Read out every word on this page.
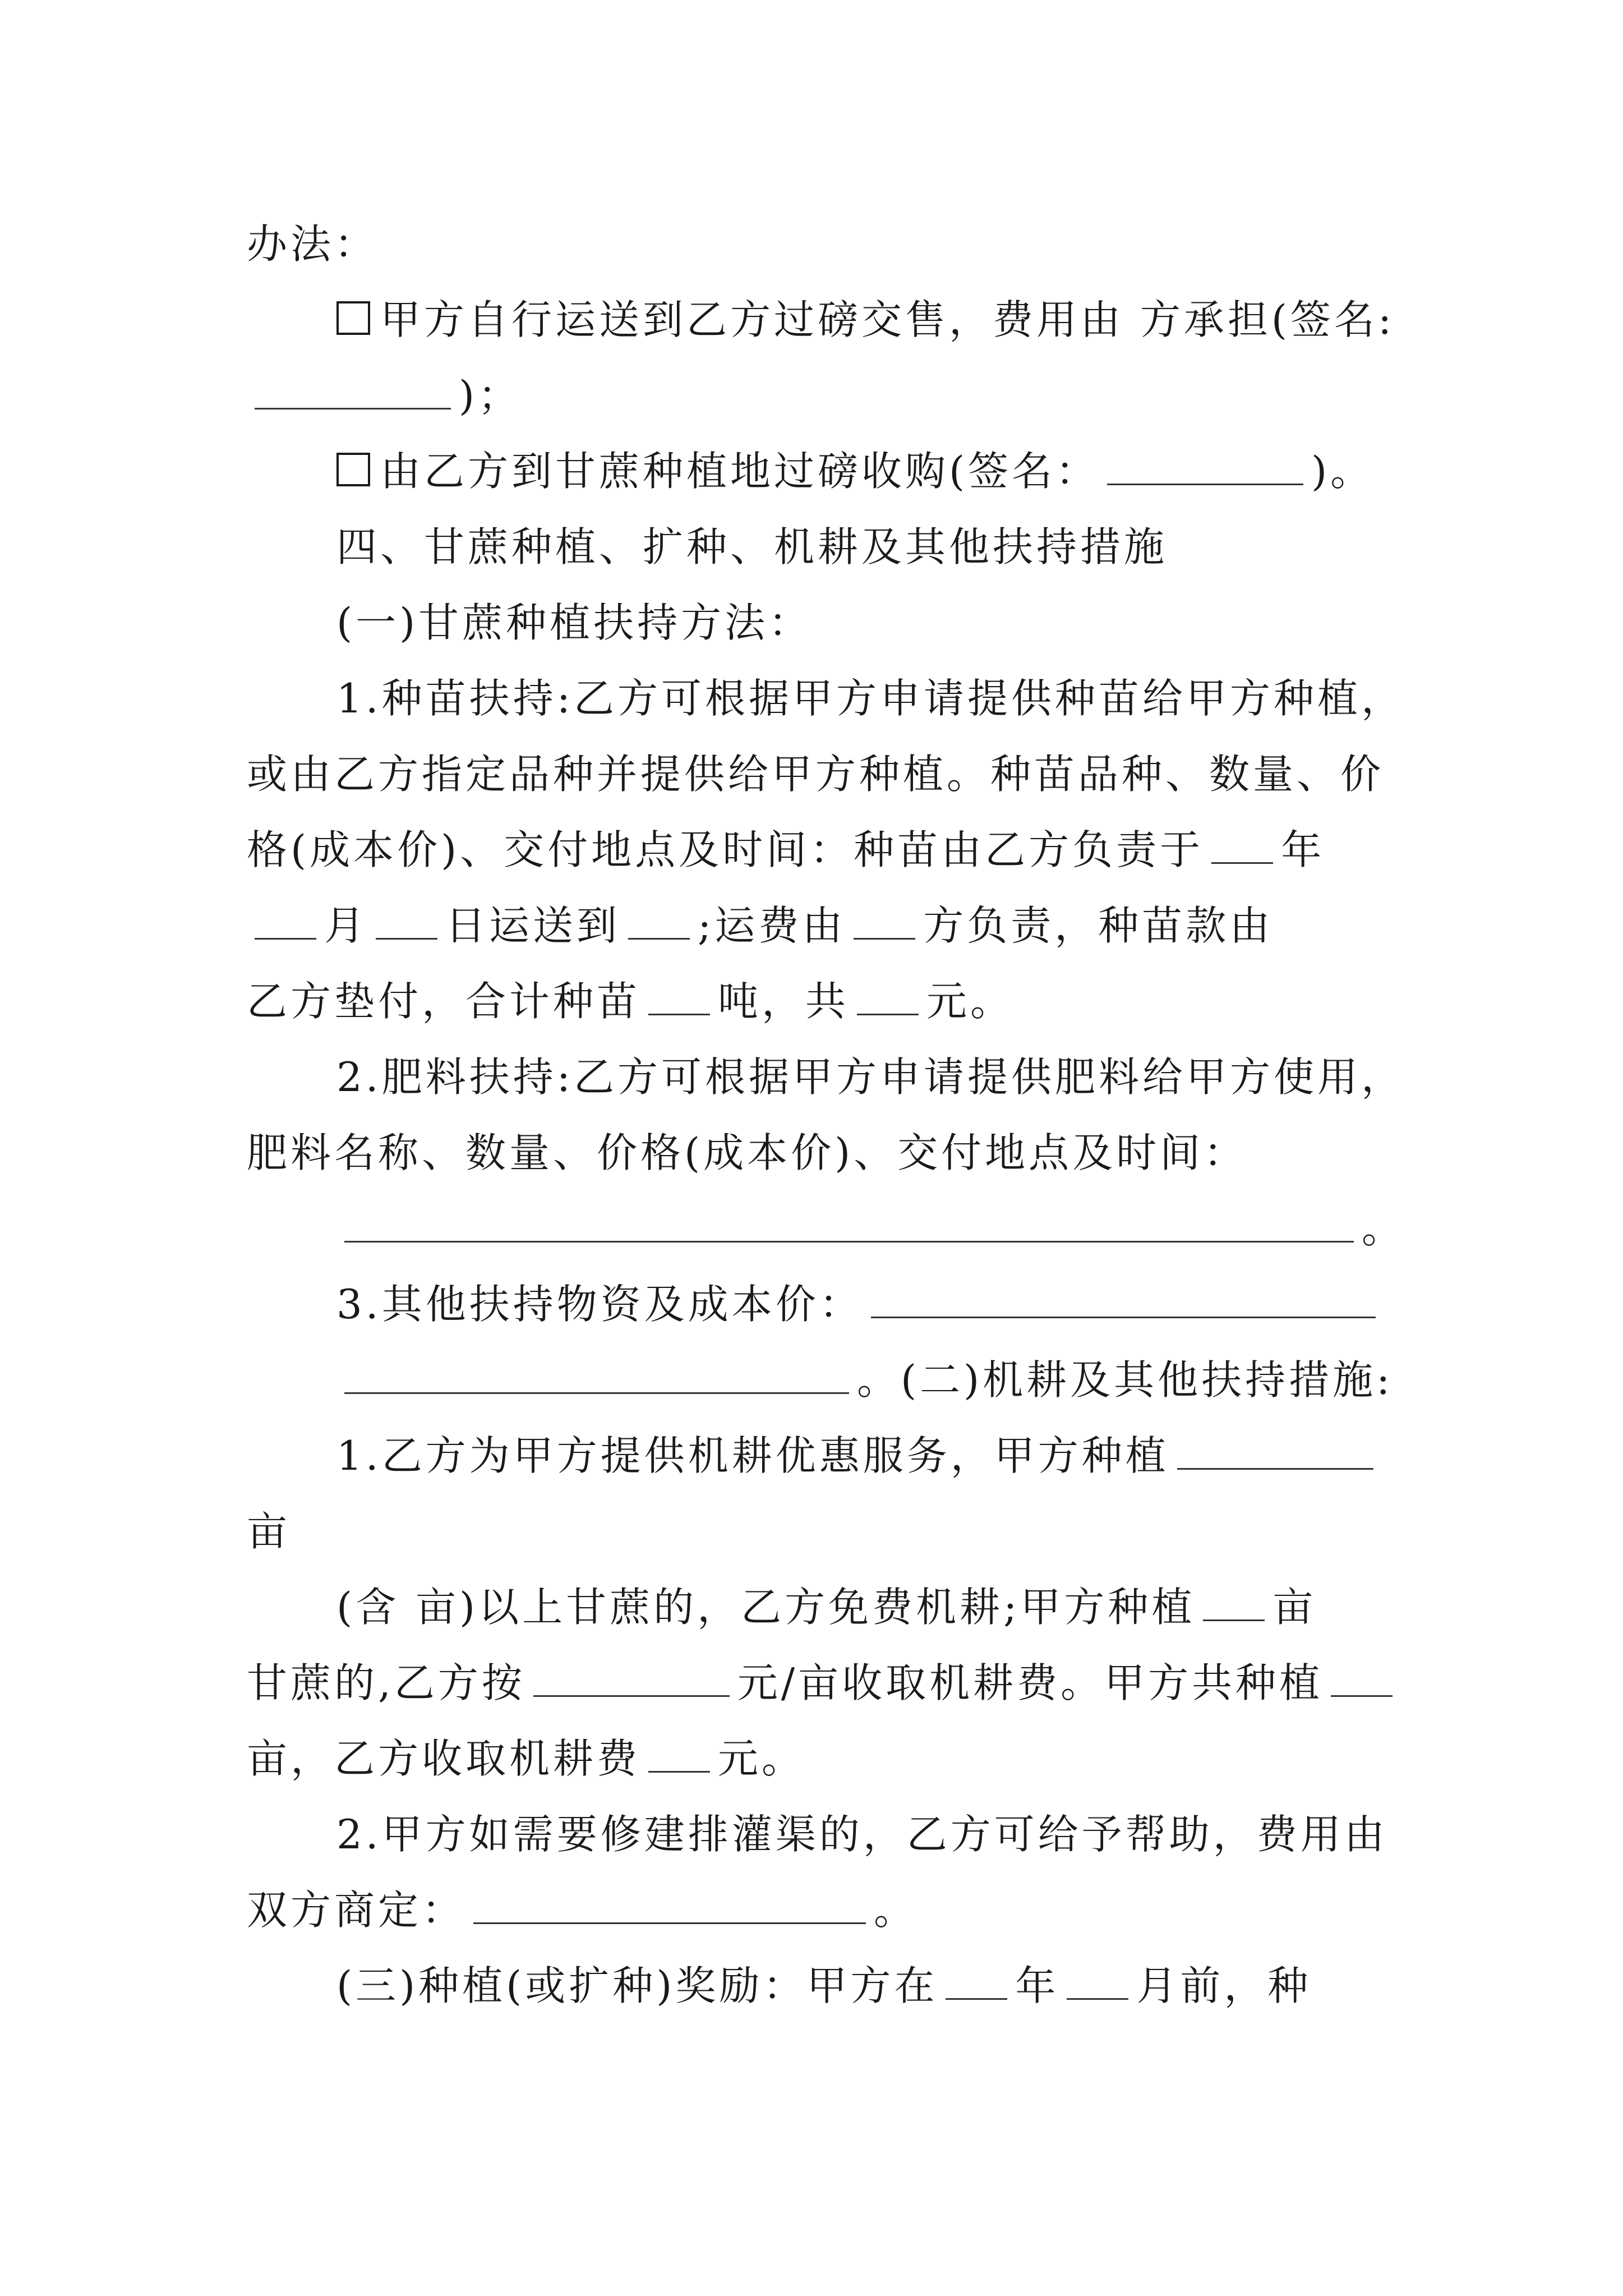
办法：
甲方自行运送到乙方过磅交售，费用由 方承担(签名:
)；
由乙方到甘蔗种植地过磅收购(签名：	)。
四、甘蔗种植、扩种、机耕及其他扶持措施
(一)甘蔗种植扶持方法：
1.种苗扶持:乙方可根据甲方申请提供种苗给甲方种植，
或由乙方指定品种并提供给甲方种植。种苗品种、数量、价
格(成本价)、交付地点及时间：种苗由乙方负责于 年
月 日运送到 ;运费由 方负责，种苗款由
乙方垫付，合计种苗 吨，共 元。
2.肥料扶持:乙方可根据甲方申请提供肥料给甲方使用，
肥料名称、数量、价格(成本价)、交付地点及时间：
。
3.其他扶持物资及成本价：
。(二)机耕及其他扶持措施:
1.乙方为甲方提供机耕优惠服务，甲方种植
亩
(含 亩)以上甘蔗的，乙方免费机耕;甲方种植 亩
甘蔗的,乙方按	元/亩收取机耕费。甲方共种植
亩，乙方收取机耕费 元。
2.甲方如需要修建排灌渠的，乙方可给予帮助，费用由
双方商定：	。
(三)种植(或扩种)奖励：甲方在 年 月前，种
